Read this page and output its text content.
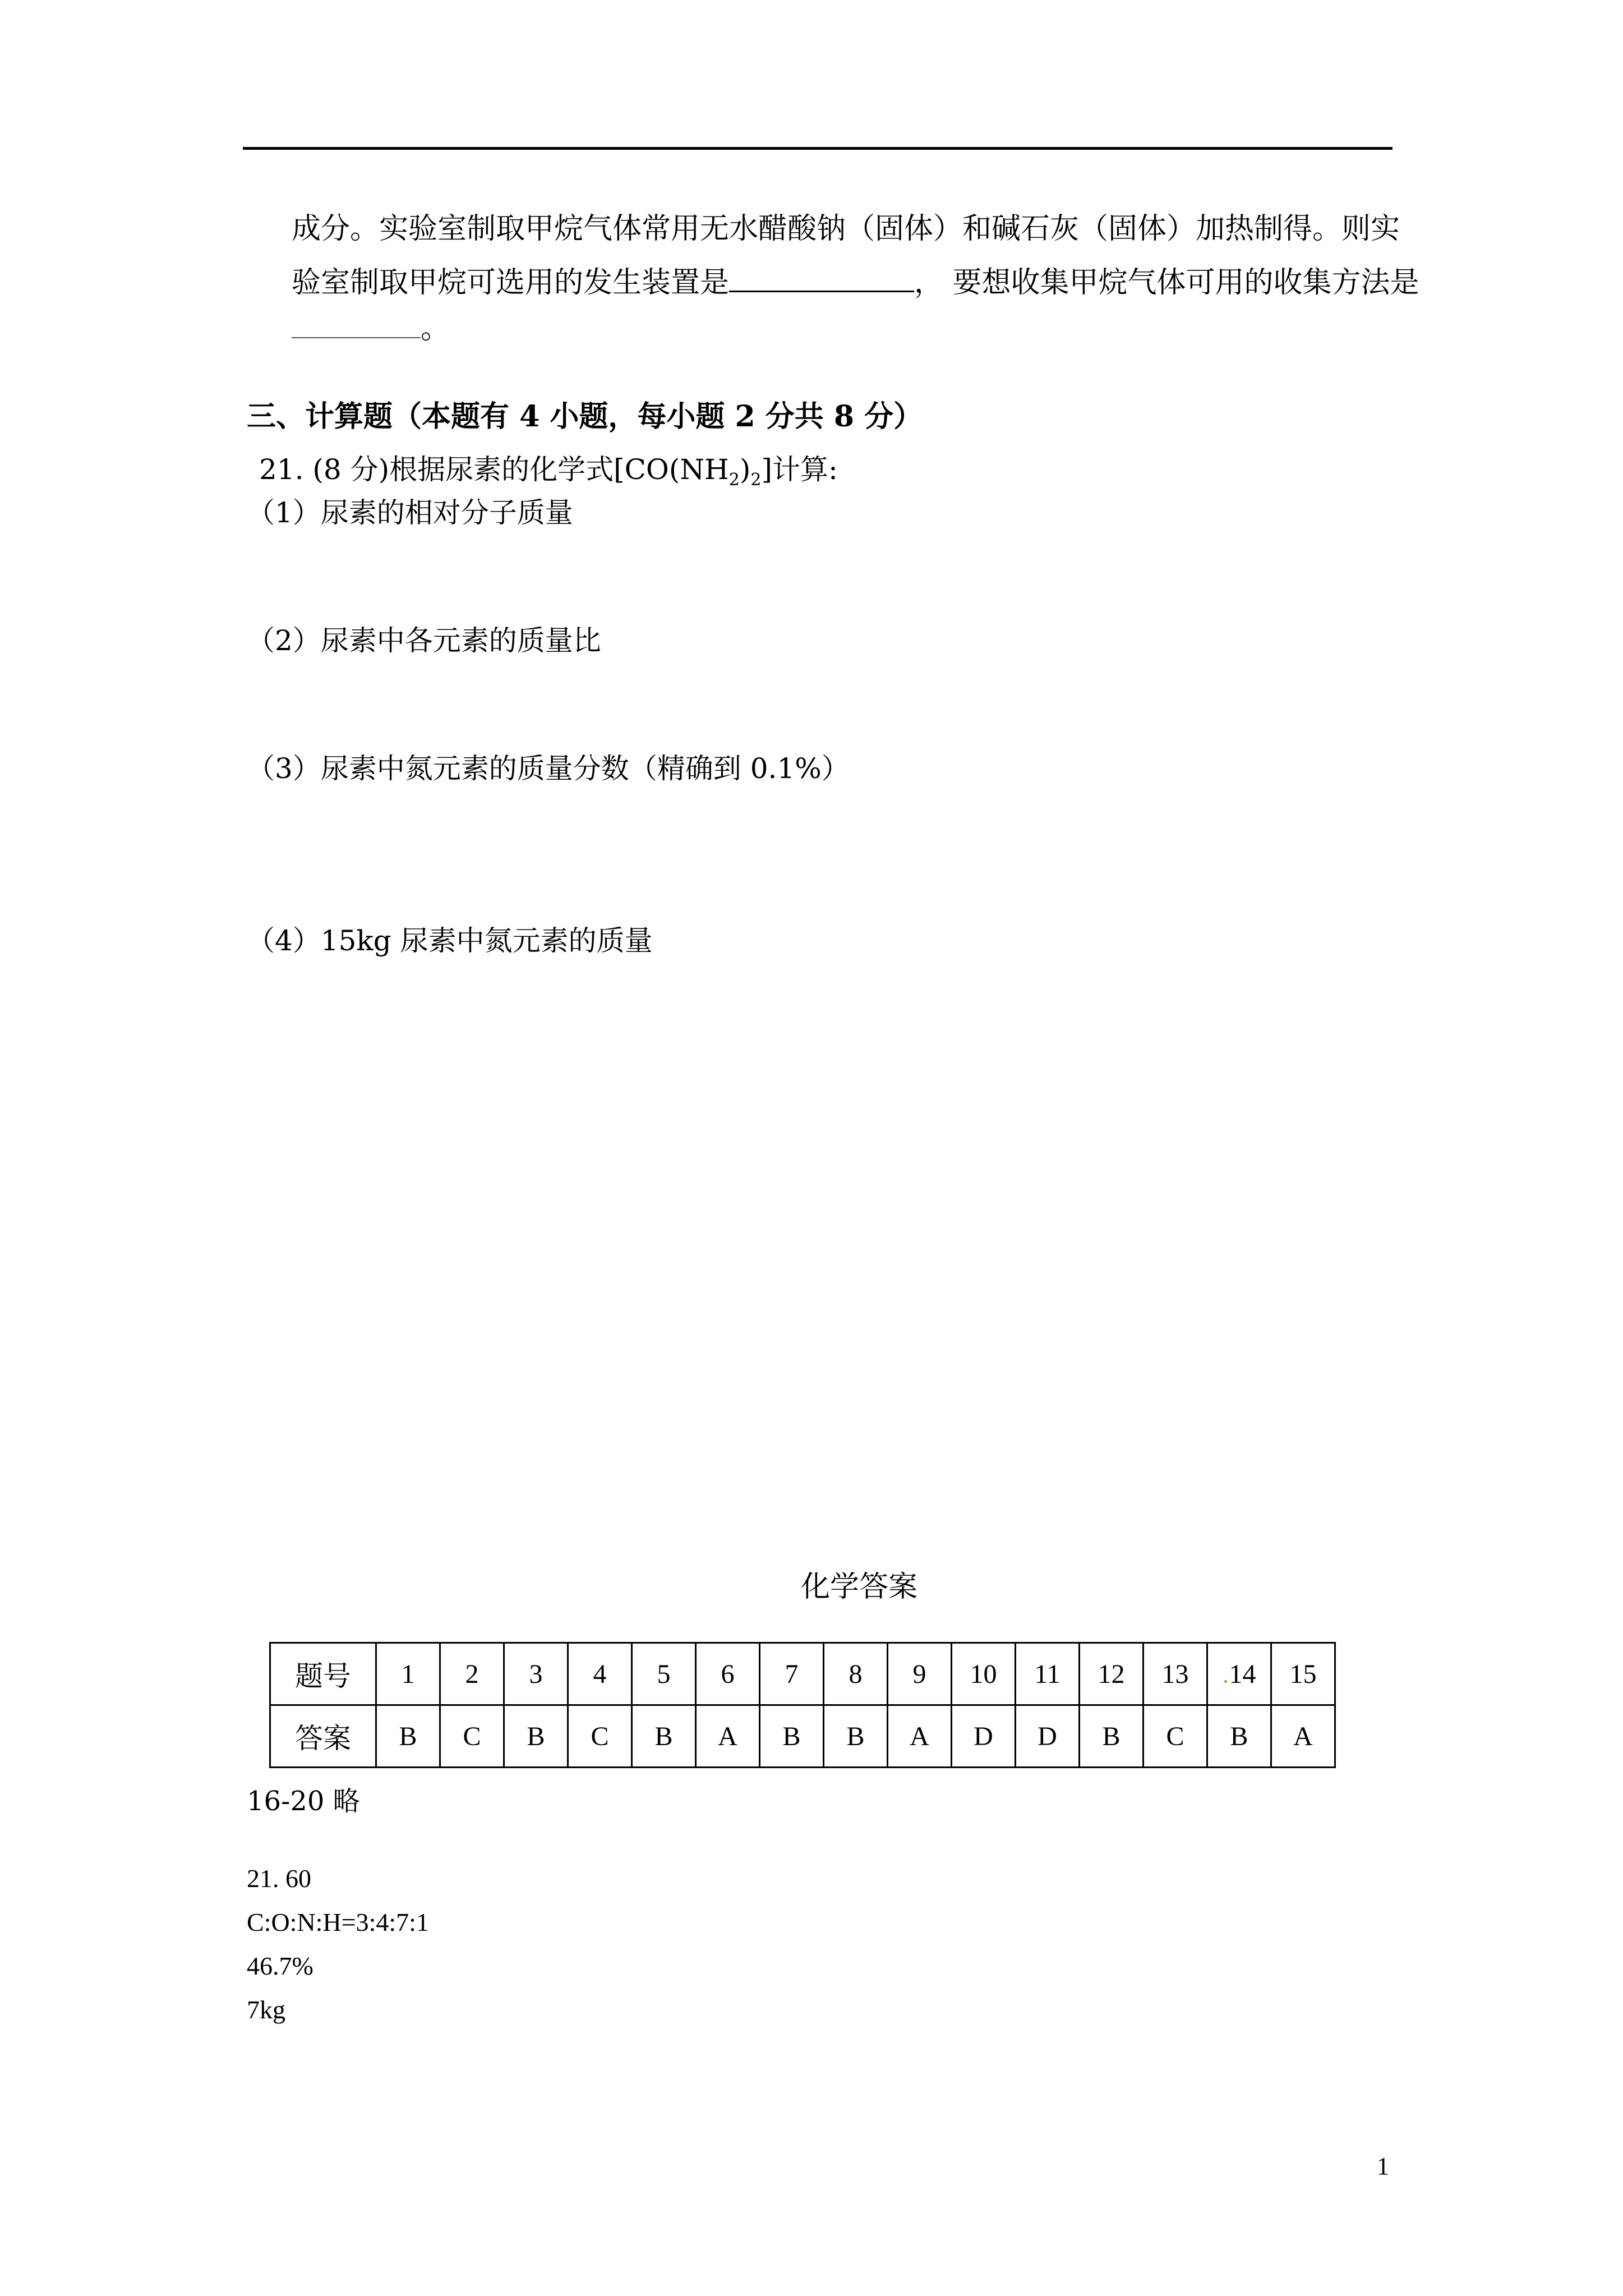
成分。实验室制取甲烷气体常用无水醋酸钠（固体）和碱石灰（固体）加热制得。则实
验室制取甲烷可选用的发生装置是	， 要想收集甲烷气体可用的收集方法是
。
三、计算题（本题有 4 小题，每小题 2 分共 8 分）
21. (8 分)根据尿素的化学式$[CO(NH_2)_2]$计算:
（1）尿素的相对分子质量
（2）尿素中各元素的质量比
（3）尿素中氮元素的质量分数（精确到 0.1%）
（4）15kg 尿素中氮元素的质量
化学答案
题号	1	2	3	4	5	6	7	8	9	10	11	12	13	.14	15
答案	B	C	B	C	B	A	B	B	A	D	D	B	C	B	A
16-20 略
21. 60
C:O:N:H=3:4:7:1
46.7%
7kg
1
